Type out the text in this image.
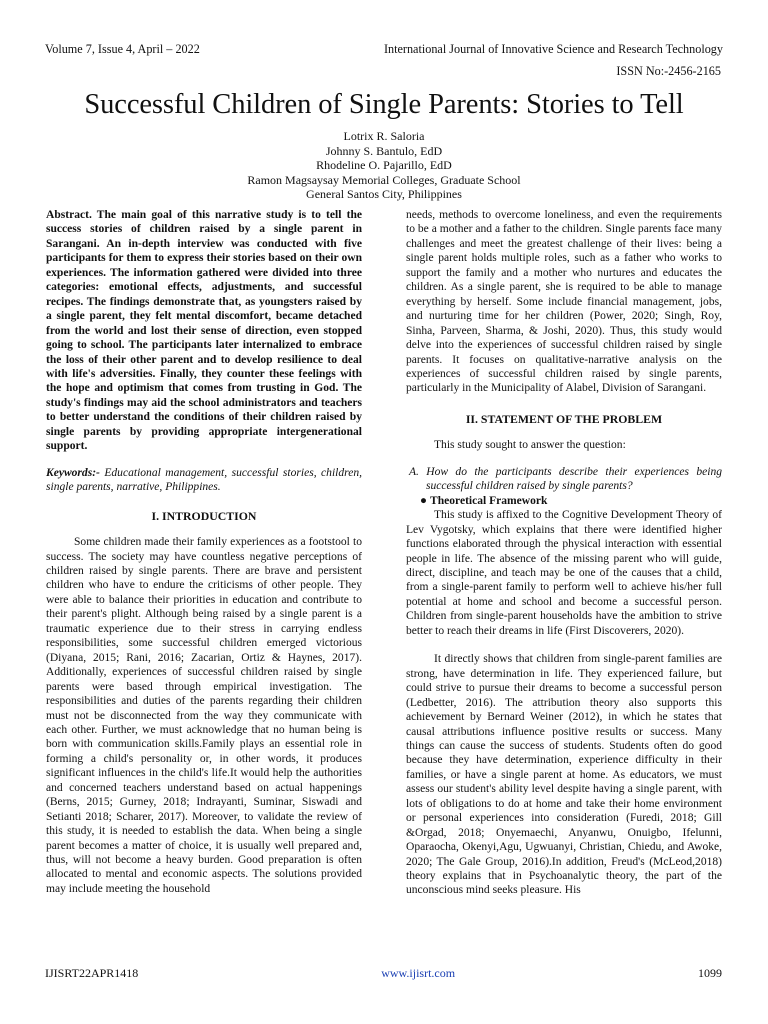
Volume 7, Issue 4, April – 2022	International Journal of Innovative Science and Research Technology
ISSN No:-2456-2165
Successful Children of Single Parents: Stories to Tell
Lotrix R. Saloria
Johnny S. Bantulo, EdD
Rhodeline O. Pajarillo, EdD
Ramon Magsaysay Memorial Colleges, Graduate School
General Santos City, Philippines

Abstract. The main goal of this narrative study is to tell the success stories of children raised by a single parent in Sarangani. An in-depth interview was conducted with five participants for them to express their stories based on their own experiences. The information gathered were divided into three categories: emotional effects, adjustments, and successful recipes. The findings demonstrate that, as youngsters raised by a single parent, they felt mental discomfort, became detached from the world and lost their sense of direction, even stopped going to school. The participants later internalized to embrace the loss of their other parent and to develop resilience to deal with life's adversities. Finally, they counter these feelings with the hope and optimism that comes from trusting in God. The study's findings may aid the school administrators and teachers to better understand the conditions of their children raised by single parents by providing appropriate intergenerational support.

Keywords:- Educational management, successful stories, children, single parents, narrative, Philippines.

I. INTRODUCTION

Some children made their family experiences as a footstool to success. The society may have countless negative perceptions of children raised by single parents. There are brave and persistent children who have to endure the criticisms of other people. They were able to balance their priorities in education and contribute to their parent's plight. Although being raised by a single parent is a traumatic experience due to their stress in carrying endless responsibilities, some successful children emerged victorious (Diyana, 2015; Rani, 2016; Zacarian, Ortiz & Haynes, 2017). Additionally, experiences of successful children raised by single parents were based through empirical investigation. The responsibilities and duties of the parents regarding their children must not be disconnected from the way they communicate with each other. Further, we must acknowledge that no human being is born with communication skills.Family plays an essential role in forming a child's personality or, in other words, it produces significant influences in the child's life.It would help the authorities and concerned teachers understand based on actual happenings (Berns, 2015; Gurney, 2018; Indrayanti, Suminar, Siswadi and Setianti 2018; Scharer, 2017). Moreover, to validate the review of this study, it is needed to establish the data. When being a single parent becomes a matter of choice, it is usually well prepared and, thus, will not become a heavy burden. Good preparation is often allocated to mental and economic aspects. The solutions provided may include meeting the household

needs, methods to overcome loneliness, and even the requirements to be a mother and a father to the children. Single parents face many challenges and meet the greatest challenge of their lives: being a single parent holds multiple roles, such as a father who works to support the family and a mother who nurtures and educates the children. As a single parent, she is required to be able to manage everything by herself. Some include financial management, jobs, and nurturing time for her children (Power, 2020; Singh, Roy, Sinha, Parveen, Sharma, & Joshi, 2020). Thus, this study would delve into the experiences of successful children raised by single parents. It focuses on qualitative-narrative analysis on the experiences of successful children raised by single parents, particularly in the Municipality of Alabel, Division of Sarangani.

II. STATEMENT OF THE PROBLEM

This study sought to answer the question:

A. How do the participants describe their experiences being successful children raised by single parents?

● Theoretical Framework

This study is affixed to the Cognitive Development Theory of Lev Vygotsky, which explains that there were identified higher functions elaborated through the physical interaction with essential people in life. The absence of the missing parent who will guide, direct, discipline, and teach may be one of the causes that a child, from a single-parent family to perform well to achieve his/her full potential at home and school and become a successful person. Children from single-parent households have the ambition to strive better to reach their dreams in life (First Discoverers, 2020).

It directly shows that children from single-parent families are strong, have determination in life. They experienced failure, but could strive to pursue their dreams to become a successful person (Ledbetter, 2016). The attribution theory also supports this achievement by Bernard Weiner (2012), in which he states that causal attributions influence positive results or success. Many things can cause the success of students. Students often do good because they have determination, experience difficulty in their families, or have a single parent at home. As educators, we must assess our student's ability level despite having a single parent, with lots of obligations to do at home and take their home environment or personal experiences into consideration (Furedi, 2018; Gill &Orgad, 2018; Onyemaechi, Anyanwu, Onuigbo, Ifelunni, Oparaocha, Okenyi,Agu, Ugwuanyi, Christian, Chiedu, and Awoke, 2020; The Gale Group, 2016).In addition, Freud's (McLeod,2018) theory explains that in Psychoanalytic theory, the part of the unconscious mind seeks pleasure. His

IJISRT22APR1418	www.ijisrt.com	1099
